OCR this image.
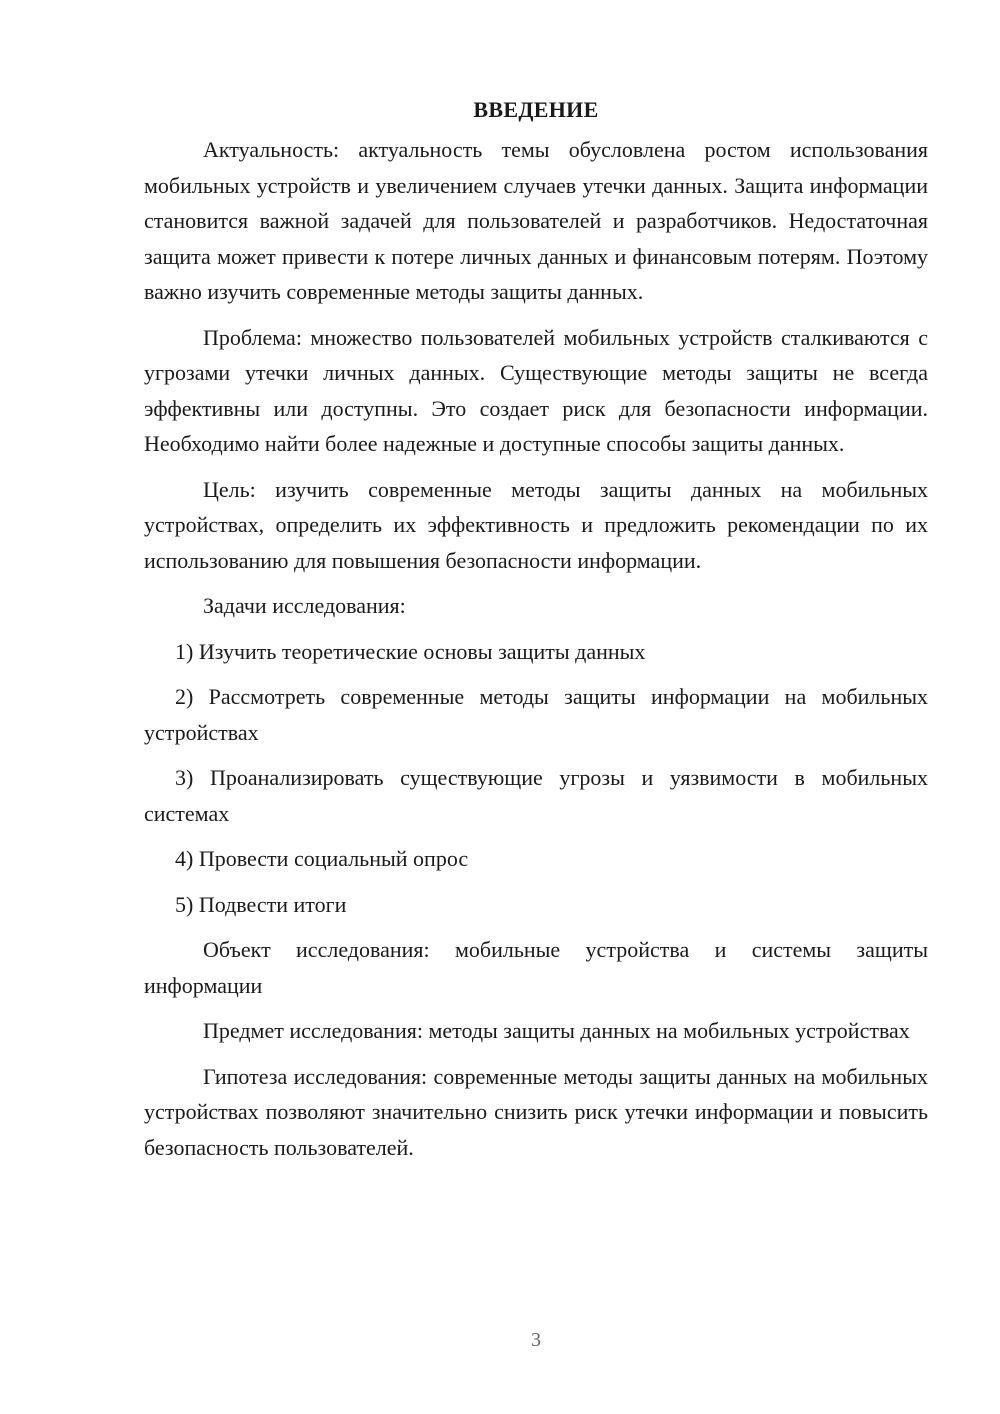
ВВЕДЕНИЕ

Актуальность: актуальность темы обусловлена ростом использования мобильных устройств и увеличением случаев утечки данных. Защита информации становится важной задачей для пользователей и разработчиков. Недостаточная защита может привести к потере личных данных и финансовым потерям. Поэтому важно изучить современные методы защиты данных.

Проблема: множество пользователей мобильных устройств сталкиваются с угрозами утечки личных данных. Существующие методы защиты не всегда эффективны или доступны. Это создает риск для безопасности информации. Необходимо найти более надежные и доступные способы защиты данных.

Цель: изучить современные методы защиты данных на мобильных устройствах, определить их эффективность и предложить рекомендации по их использованию для повышения безопасности информации.

Задачи исследования:

1) Изучить теоретические основы защиты данных

2) Рассмотреть современные методы защиты информации на мобильных устройствах

3) Проанализировать существующие угрозы и уязвимости в мобильных системах

4) Провести социальный опрос

5) Подвести итоги

Объект исследования: мобильные устройства и системы защиты информации

Предмет исследования: методы защиты данных на мобильных устройствах

Гипотеза исследования: современные методы защиты данных на мобильных устройствах позволяют значительно снизить риск утечки информации и повысить безопасность пользователей.

3
